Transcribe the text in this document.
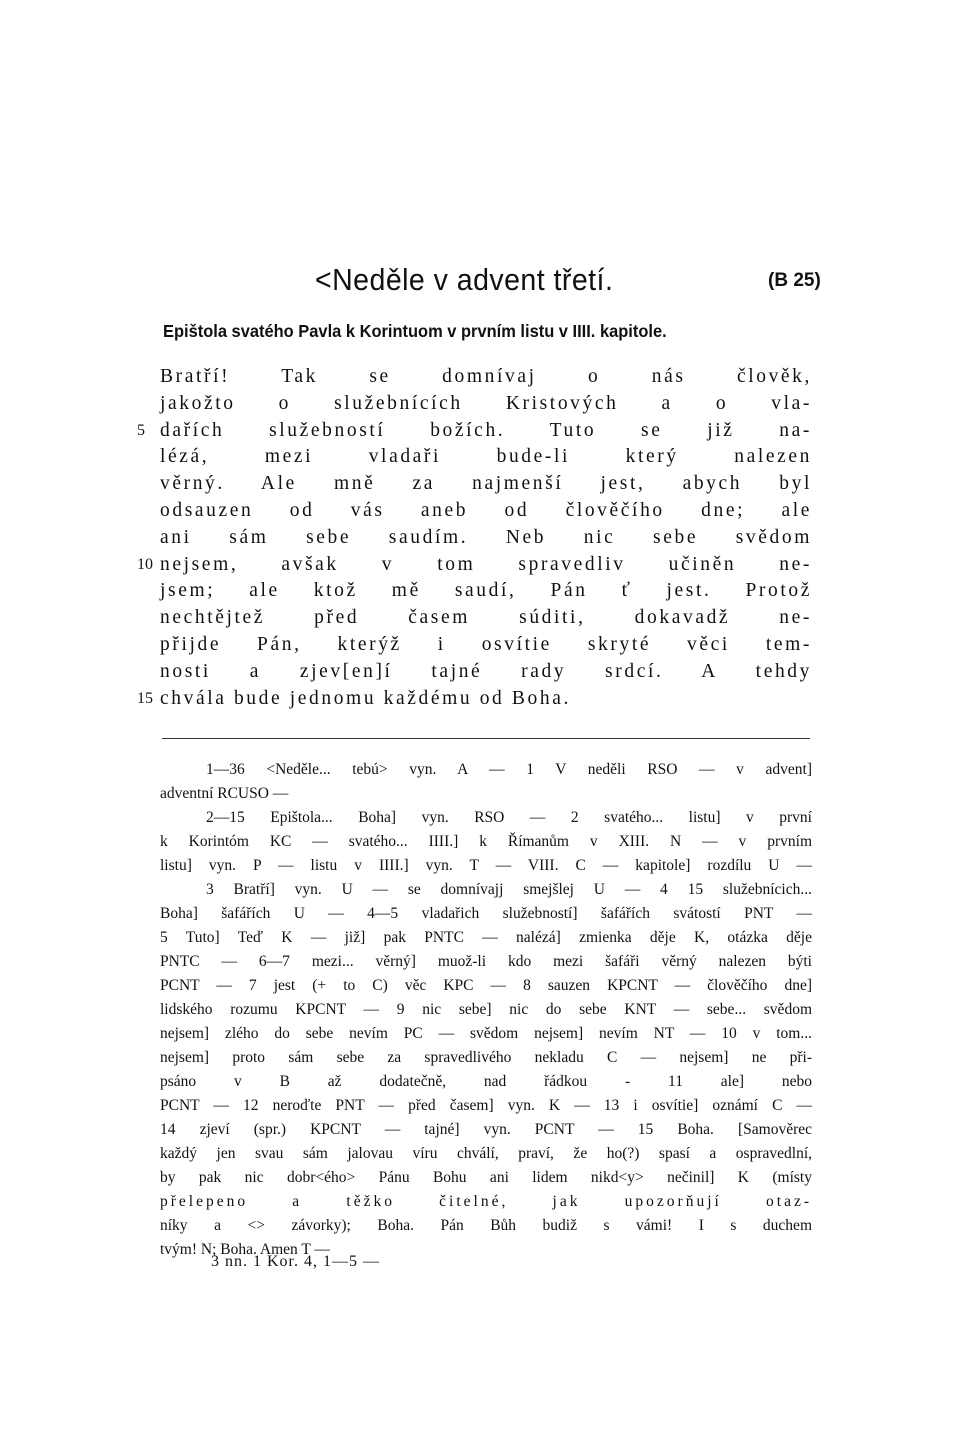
<Neděle v advent třetí.	(B 25)
Epištola svatého Pavla k Korintuom v prvním listu v IIII. kapitole.
Bratří! Tak se domnívaj o nás člověk,
jakožto o služebnících Kristových a o vla-
dařích služebností božích. Tuto se již na-
5
lézá, mezi vladaři bude-li který nalezen
věrný. Ale mně za najmenší jest, abych byl
odsauzen od vás aneb od člověčího dne; ale
ani sám sebe saudím. Neb nic sebe svědom
nejsem, avšak v tom spravedliv učiněn ne-
10
jsem; ale ktož mě saudí, Pán ť jest. Protož
nechtějtež před časem súditi, dokavadž ne-
přijde Pán, kterýž i osvítie skryté věci tem-
nosti a zjev[en]í tajné rady srdcí. A tehdy
chvála bude jednomu každému od Boha.
15
1—36 <Neděle... tebú> vyn. A — 1 V neděli RSO — v advent]
adventní RCUSO —
2—15 Epištola... Boha] vyn. RSO — 2 svatého... listu] v první
k Korintóm KC — svatého... IIII.] k Římanům v XIII. N — v prvním
listu] vyn. P — listu v IIII.] vyn. T — VIII. C — kapitole] rozdílu U —
3 Bratří] vyn. U — se domnívajj smejšlej U — 4 15 služebnícich...
Boha] šafářích U — 4—5 vladařich služebností] šafářích svátostí PNT —
5 Tuto] Teď K — již] pak PNTC — nalézá] zmienka děje K, otázka děje
PNTC — 6—7 mezi... věrný] muož-li kdo mezi šafáři věrný nalezen býti
PCNT — 7 jest (+ to C) věc KPC — 8 sauzen KPCNT — člověčího dne]
lidského rozumu KPCNT — 9 nic sebe] nic do sebe KNT — sebe... svědom
nejsem] zlého do sebe nevím PC — svědom nejsem] nevím NT — 10 v tom...
nejsem] proto sám sebe za spravedlivého nekladu C — nejsem] ne při-
psáno v B až dodatečně, nad řádkou - 11 ale] nebo
PCNT — 12 neroďte PNT — před časem] vyn. K — 13 i osvítie] oznámí C —
14 zjeví (spr.) KPCNT — tajné] vyn. PCNT — 15 Boha. [Samověrec
každý jen svau sám jalovau víru chválí, praví, že ho(?) spasí a ospravedlní,
by pak nic dobr<ého> Pánu Bohu ani lidem nikd<y> nečinil] K (místy
přelepeno a těžko čitelné, jak upozorňují otaz-
níky a <> závorky); Boha. Pán Bůh budiž s vámi! I s duchem
tvým! N; Boha. Amen T —
3 nn. 1 Kor. 4, 1—5 —
